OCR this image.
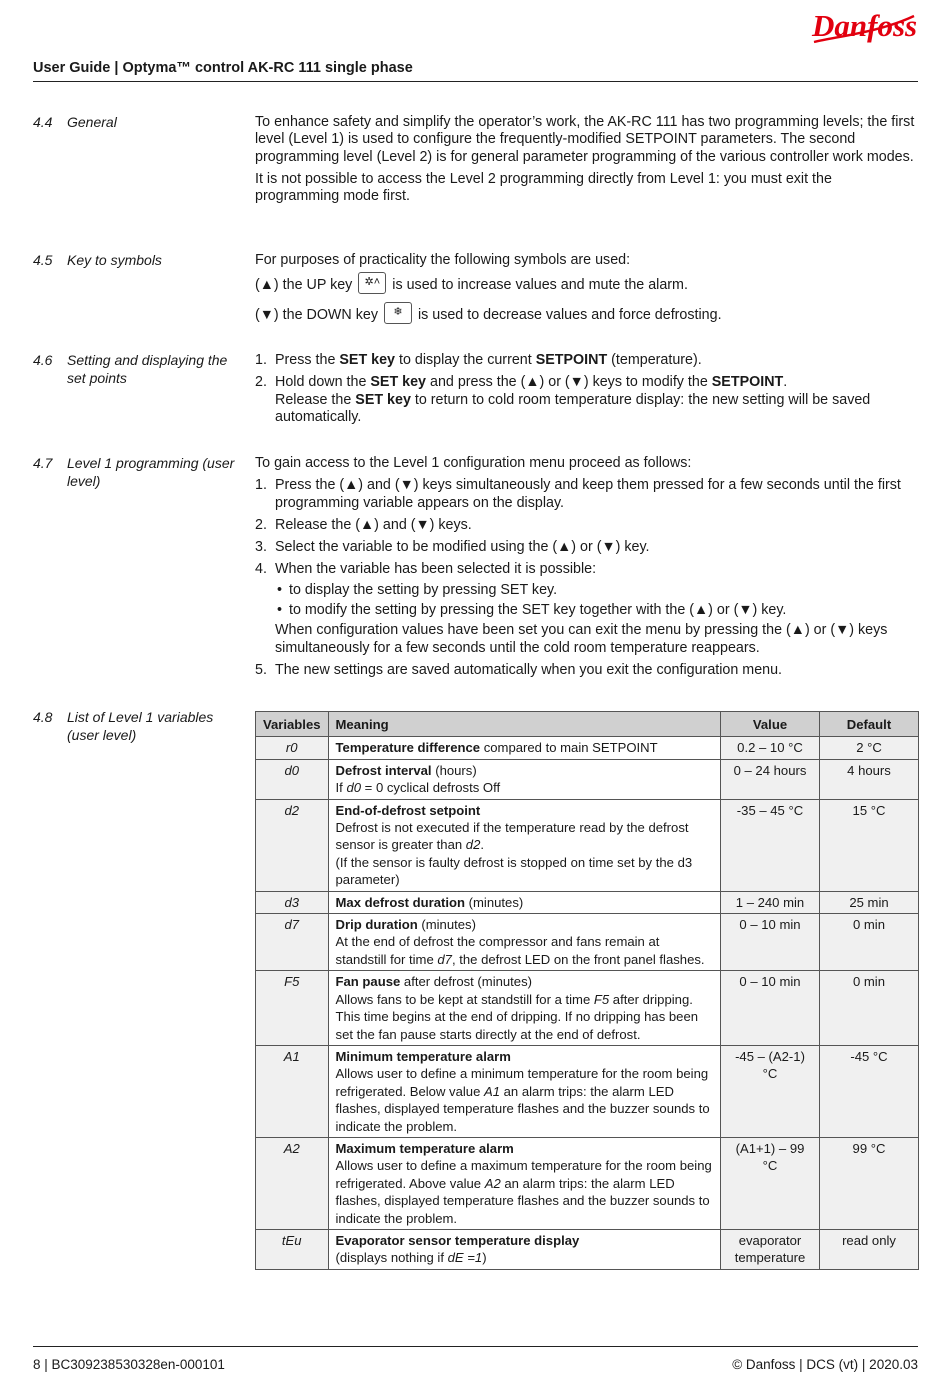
Danfoss
User Guide | Optyma™ control AK-RC 111 single phase
4.4 General	To enhance safety and simplify the operator’s work, the AK-RC 111 has two programming levels; the first level (Level 1) is used to configure the frequently-modified SETPOINT parameters. The second programming level (Level 2) is for general parameter programming of the various controller work modes.

It is not possible to access the Level 2 programming directly from Level 1: you must exit the programming mode first.

4.5 Key to symbols	For purposes of practicality the following symbols are used:

(▲) the UP key	✲˄ is used to increase values and mute the alarm.

(▼) the DOWN key	❄	is used to decrease values and force defrosting.

4.6 Setting and displaying the set points
1. Press the SET key to display the current SETPOINT (temperature).
2. Hold down the SET key and press the (▲) or (▼) keys to modify the SETPOINT.
Release the SET key to return to cold room temperature display: the new setting will be saved automatically.
4.7 Level 1 programming (user level)

To gain access to the Level 1 configuration menu proceed as follows:

1. Press the (▲) and (▼) keys simultaneously and keep them pressed for a few seconds until the first programming variable appears on the display.
2. Release the (▲) and (▼) keys.
3. Select the variable to be modified using the (▲) or (▼) key.
4. When the variable has been selected it is possible:
• to display the setting by pressing SET key.
• to modify the setting by pressing the SET key together with the (▲) or (▼) key.
When configuration values have been set you can exit the menu by pressing the (▲) or (▼) keys simultaneously for a few seconds until the cold room temperature reappears.
5. The new settings are saved automatically when you exit the configuration menu.
4.8 List of Level 1 variables (user level)
Variables	Meaning	Value	Default
r0	Temperature difference compared to main SETPOINT	0.2 – 10 °C	2 °C
d0	Defrost interval (hours)
If d0 = 0 cyclical defrosts Off	0 – 24 hours	4 hours
d2	End-of-defrost setpoint
Defrost is not executed if the temperature read by the defrost sensor is greater than d2.
(If the sensor is faulty defrost is stopped on time set by the d3 parameter)	-35 – 45 °C	15 °C
d3	Max defrost duration (minutes)	1 – 240 min	25 min
d7	Drip duration (minutes)
At the end of defrost the compressor and fans remain at standstill for time d7, the defrost LED on the front panel flashes.	0 – 10 min	0 min
F5	Fan pause after defrost (minutes)
Allows fans to be kept at standstill for a time F5 after dripping. This time begins at the end of dripping. If no dripping has been set the fan pause starts directly at the end of defrost.	0 – 10 min	0 min
A1	Minimum temperature alarm
Allows user to define a minimum temperature for the room being refrigerated. Below value A1 an alarm trips: the alarm LED flashes, displayed temperature flashes and the buzzer sounds to indicate the problem.	-45 – (A2-1) °C	-45 °C
A2	Maximum temperature alarm
Allows user to define a maximum temperature for the room being refrigerated. Above value A2 an alarm trips: the alarm LED flashes, displayed temperature flashes and the buzzer sounds to indicate the problem.	(A1+1) – 99 °C	99 °C
tEu	Evaporator sensor temperature display
(displays nothing if dE =1)	evaporator temperature	read only
8 | BC309238530328en-000101	© Danfoss | DCS (vt) | 2020.03
